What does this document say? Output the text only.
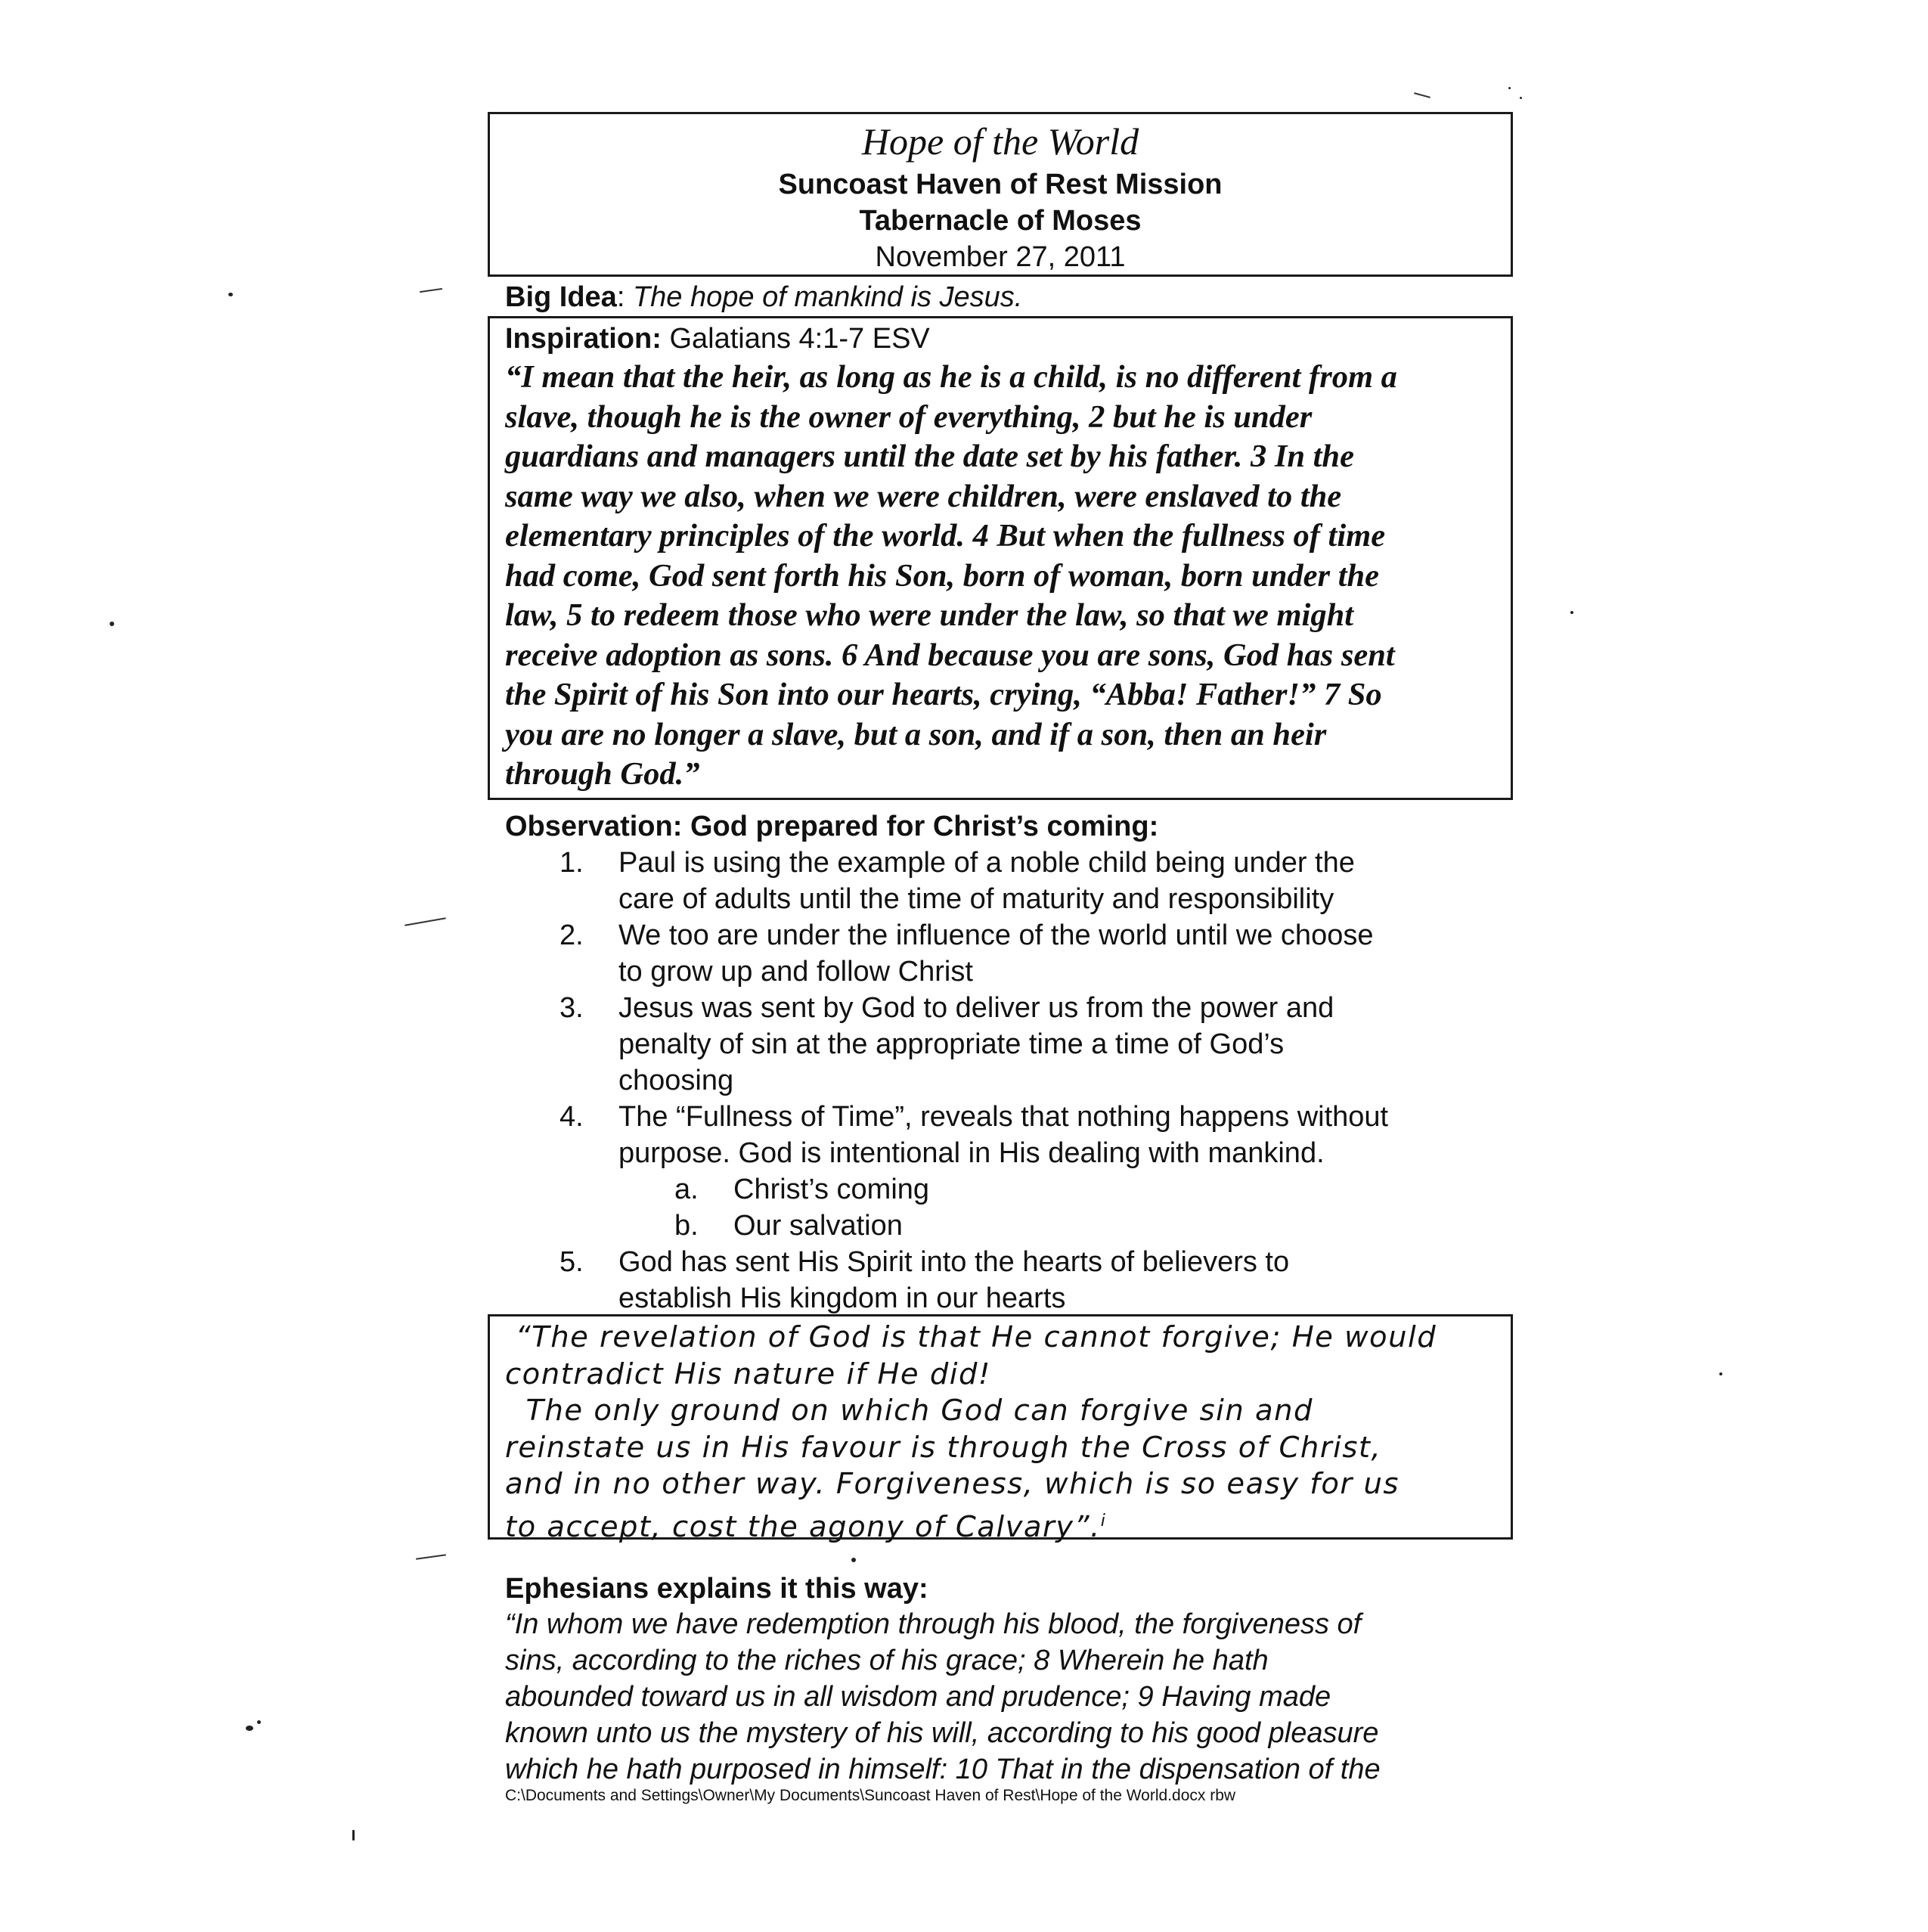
Hope of the World
Suncoast Haven of Rest Mission
Tabernacle of Moses
November 27, 2011
Big Idea: The hope of mankind is Jesus.
Inspiration: Galatians 4:1-7 ESV
“I mean that the heir, as long as he is a child, is no different from a
slave, though he is the owner of everything, 2 but he is under
guardians and managers until the date set by his father. 3 In the
same way we also, when we were children, were enslaved to the
elementary principles of the world. 4 But when the fullness of time
had come, God sent forth his Son, born of woman, born under the
law, 5 to redeem those who were under the law, so that we might
receive adoption as sons. 6 And because you are sons, God has sent
the Spirit of his Son into our hearts, crying, “Abba! Father!” 7 So
you are no longer a slave, but a son, and if a son, then an heir
through God.”
Observation: God prepared for Christ’s coming:
1. Paul is using the example of a noble child being under the
care of adults until the time of maturity and responsibility
2. We too are under the influence of the world until we choose
to grow up and follow Christ
3. Jesus was sent by God to deliver us from the power and
penalty of sin at the appropriate time a time of God’s
choosing
4. The “Fullness of Time”, reveals that nothing happens without
purpose. God is intentional in His dealing with mankind.
a. Christ’s coming
b. Our salvation
5. God has sent His Spirit into the hearts of believers to
establish His kingdom in our hearts
“The revelation of God is that He cannot forgive; He would
contradict His nature if He did!
The only ground on which God can forgive sin and
reinstate us in His favour is through the Cross of Christ,
and in no other way. Forgiveness, which is so easy for us
to accept, cost the agony of Calvary”.$^i$
Ephesians explains it this way:
“In whom we have redemption through his blood, the forgiveness of
sins, according to the riches of his grace; 8 Wherein he hath
abounded toward us in all wisdom and prudence; 9 Having made
known unto us the mystery of his will, according to his good pleasure
which he hath purposed in himself: 10 That in the dispensation of the
C:\Documents and Settings\Owner\My Documents\Suncoast Haven of Rest\Hope of the World.docx rbw
